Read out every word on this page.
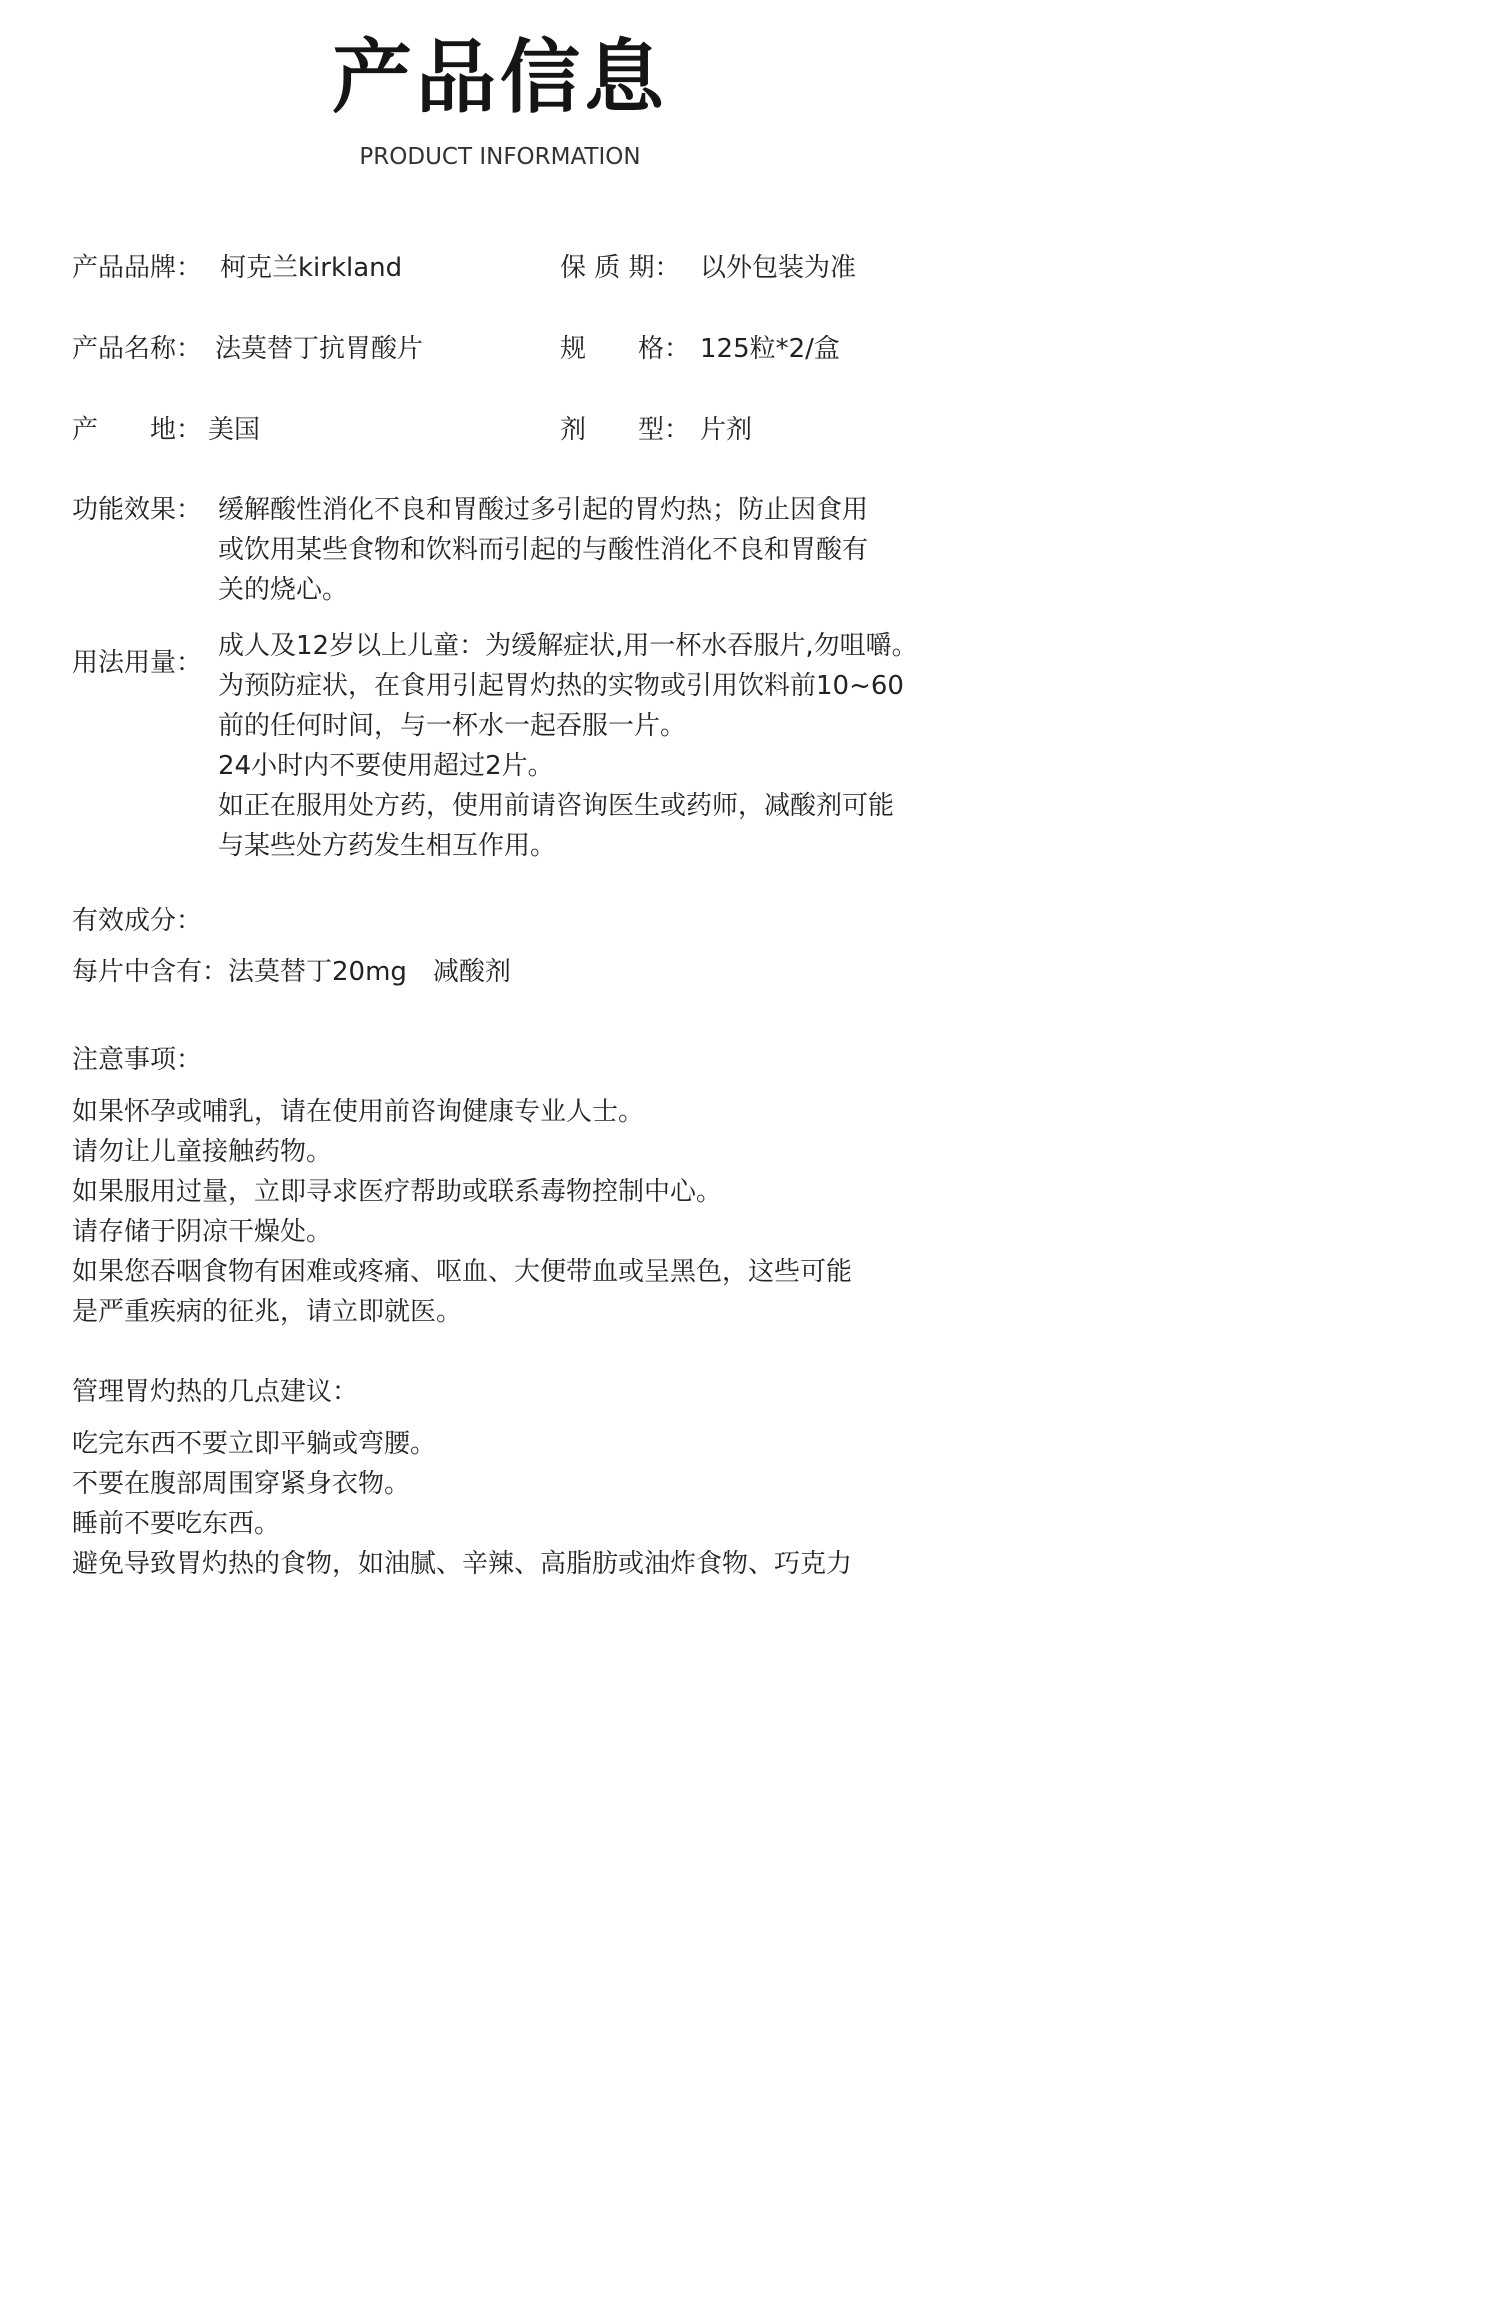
产品信息
PRODUCT INFORMATION
产品品牌： 柯克兰kirkland	保 质 期： 以外包装为准
产品名称： 法莫替丁抗胃酸片	规　　格： 125粒*2/盒
产　　地： 美国	剂　　型： 片剂
功能效果： 缓解酸性消化不良和胃酸过多引起的胃灼热；防止因食用
或饮用某些食物和饮料而引起的与酸性消化不良和胃酸有
关的烧心。
用法用量：
成人及12岁以上儿童：为缓解症状,用一杯水吞服片,勿咀嚼。
为预防症状，在食用引起胃灼热的实物或引用饮料前10~60
前的任何时间，与一杯水一起吞服一片。
24小时内不要使用超过2片。
如正在服用处方药，使用前请咨询医生或药师，减酸剂可能
与某些处方药发生相互作用。
有效成分：
每片中含有：法莫替丁20mg　减酸剂
注意事项：
如果怀孕或哺乳，请在使用前咨询健康专业人士。
请勿让儿童接触药物。
如果服用过量，立即寻求医疗帮助或联系毒物控制中心。
请存储于阴凉干燥处。
如果您吞咽食物有困难或疼痛、呕血、大便带血或呈黑色，这些可能
是严重疾病的征兆，请立即就医。
管理胃灼热的几点建议：
吃完东西不要立即平躺或弯腰。
不要在腹部周围穿紧身衣物。
睡前不要吃东西。
避免导致胃灼热的食物，如油腻、辛辣、高脂肪或油炸食物、巧克力
